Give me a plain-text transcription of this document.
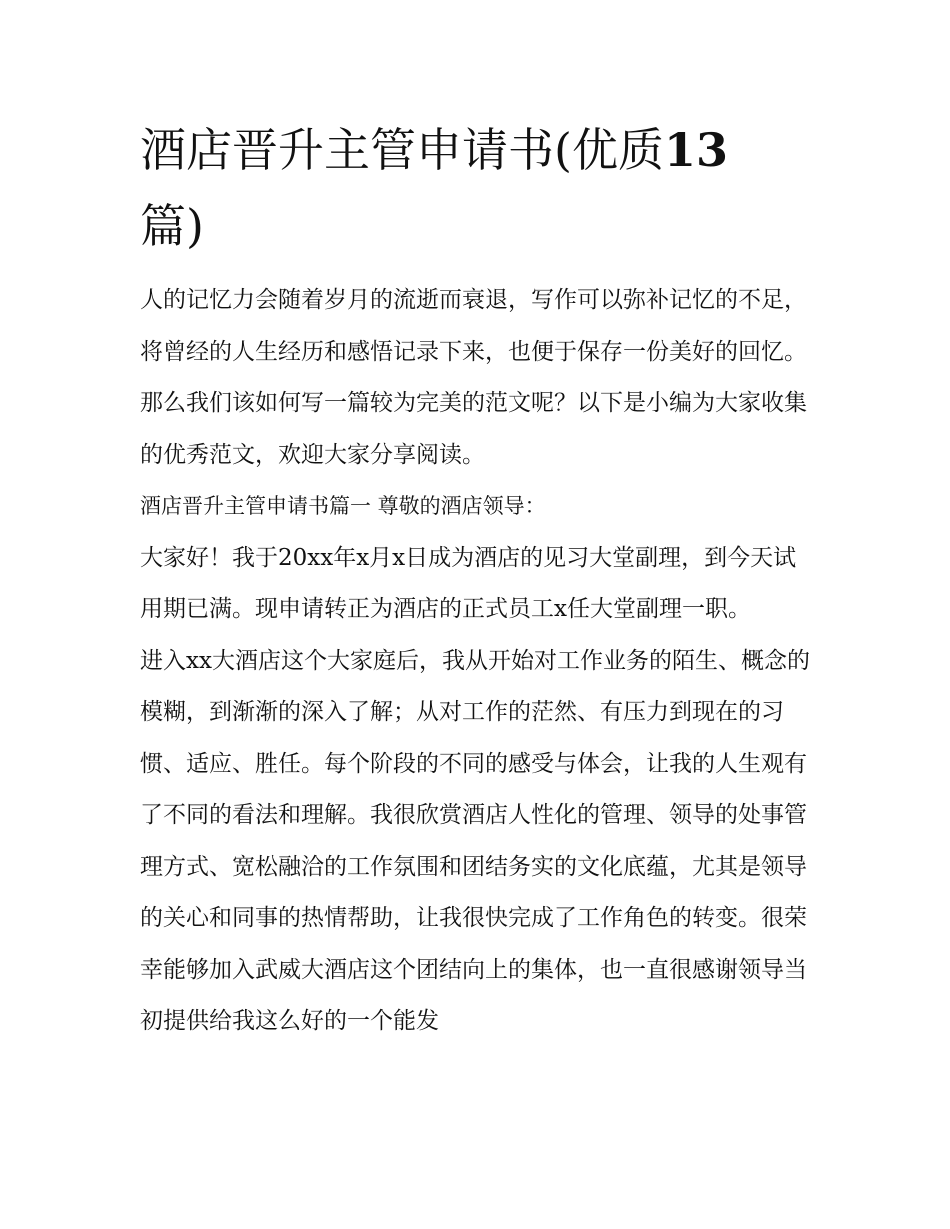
酒店晋升主管申请书(优质13
篇)

人的记忆力会随着岁月的流逝而衰退，写作可以弥补记忆的不足，将曾经的人生经历和感悟记录下来，也便于保存一份美好的回忆。那么我们该如何写一篇较为完美的范文呢？以下是小编为大家收集的优秀范文，欢迎大家分享阅读。

酒店晋升主管申请书篇一 尊敬的酒店领导：

大家好！我于20xx年x月x日成为酒店的见习大堂副理，到今天试用期已满。现申请转正为酒店的正式员工x任大堂副理一职。

进入xx大酒店这个大家庭后，我从开始对工作业务的陌生、概念的模糊，到渐渐的深入了解；从对工作的茫然、有压力到现在的习惯、适应、胜任。每个阶段的不同的感受与体会，让我的人生观有了不同的看法和理解。我很欣赏酒店人性化的管理、领导的处事管理方式、宽松融洽的工作氛围和团结务实的文化底蕴，尤其是领导的关心和同事的热情帮助，让我很快完成了工作角色的转变。很荣幸能够加入武威大酒店这个团结向上的集体，也一直很感谢领导当初提供给我这么好的一个能发
